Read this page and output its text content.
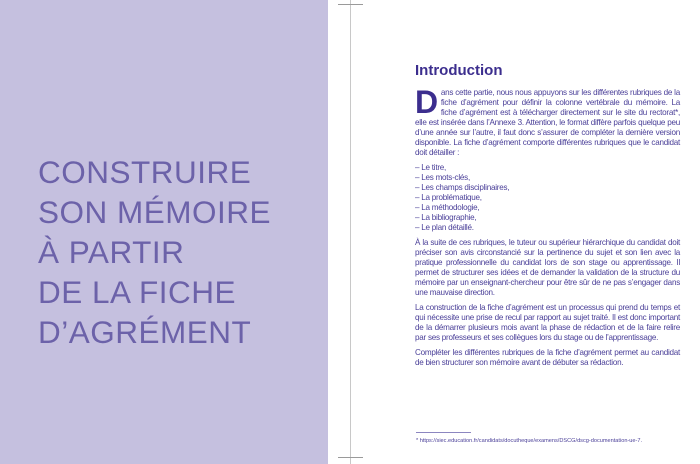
CONSTRUIRE
SON MÉMOIRE
À PARTIR
DE LA FICHE
D’AGRÉMENT
Introduction

Dans cette partie, nous nous appuyons sur les différentes rubriques de la fiche d’agrément pour définir la colonne vertébrale du mémoire. La fiche d’agrément est à télécharger directement sur le site du rectorat*, elle est insérée dans l’Annexe 3. Attention, le format diffère parfois quelque peu d’une année sur l’autre, il faut donc s’assurer de compléter la dernière version disponible. La fiche d’agrément comporte différentes rubriques que le candidat doit détailler :

– Le titre,
– Les mots-clés,
– Les champs disciplinaires,
– La problématique,
– La méthodologie,
– La bibliographie,
– Le plan détaillé.

À la suite de ces rubriques, le tuteur ou supérieur hiérarchique du candidat doit préciser son avis circonstancié sur la pertinence du sujet et son lien avec la pratique professionnelle du candidat lors de son stage ou apprentissage. Il permet de structurer ses idées et de demander la validation de la structure du mémoire par un enseignant-chercheur pour être sûr de ne pas s’engager dans une mauvaise direction.

La construction de la fiche d’agrément est un processus qui prend du temps et qui nécessite une prise de recul par rapport au sujet traité. Il est donc important de la démarrer plusieurs mois avant la phase de rédaction et de la faire relire par ses professeurs et ses collègues lors du stage ou de l’apprentissage.

Compléter les différentes rubriques de la fiche d’agrément permet au candidat de bien structurer son mémoire avant de débuter sa rédaction.

* https://siec.education.fr/candidats/docutheque/examens/DSCG/dscg-documentation-ue-7.
